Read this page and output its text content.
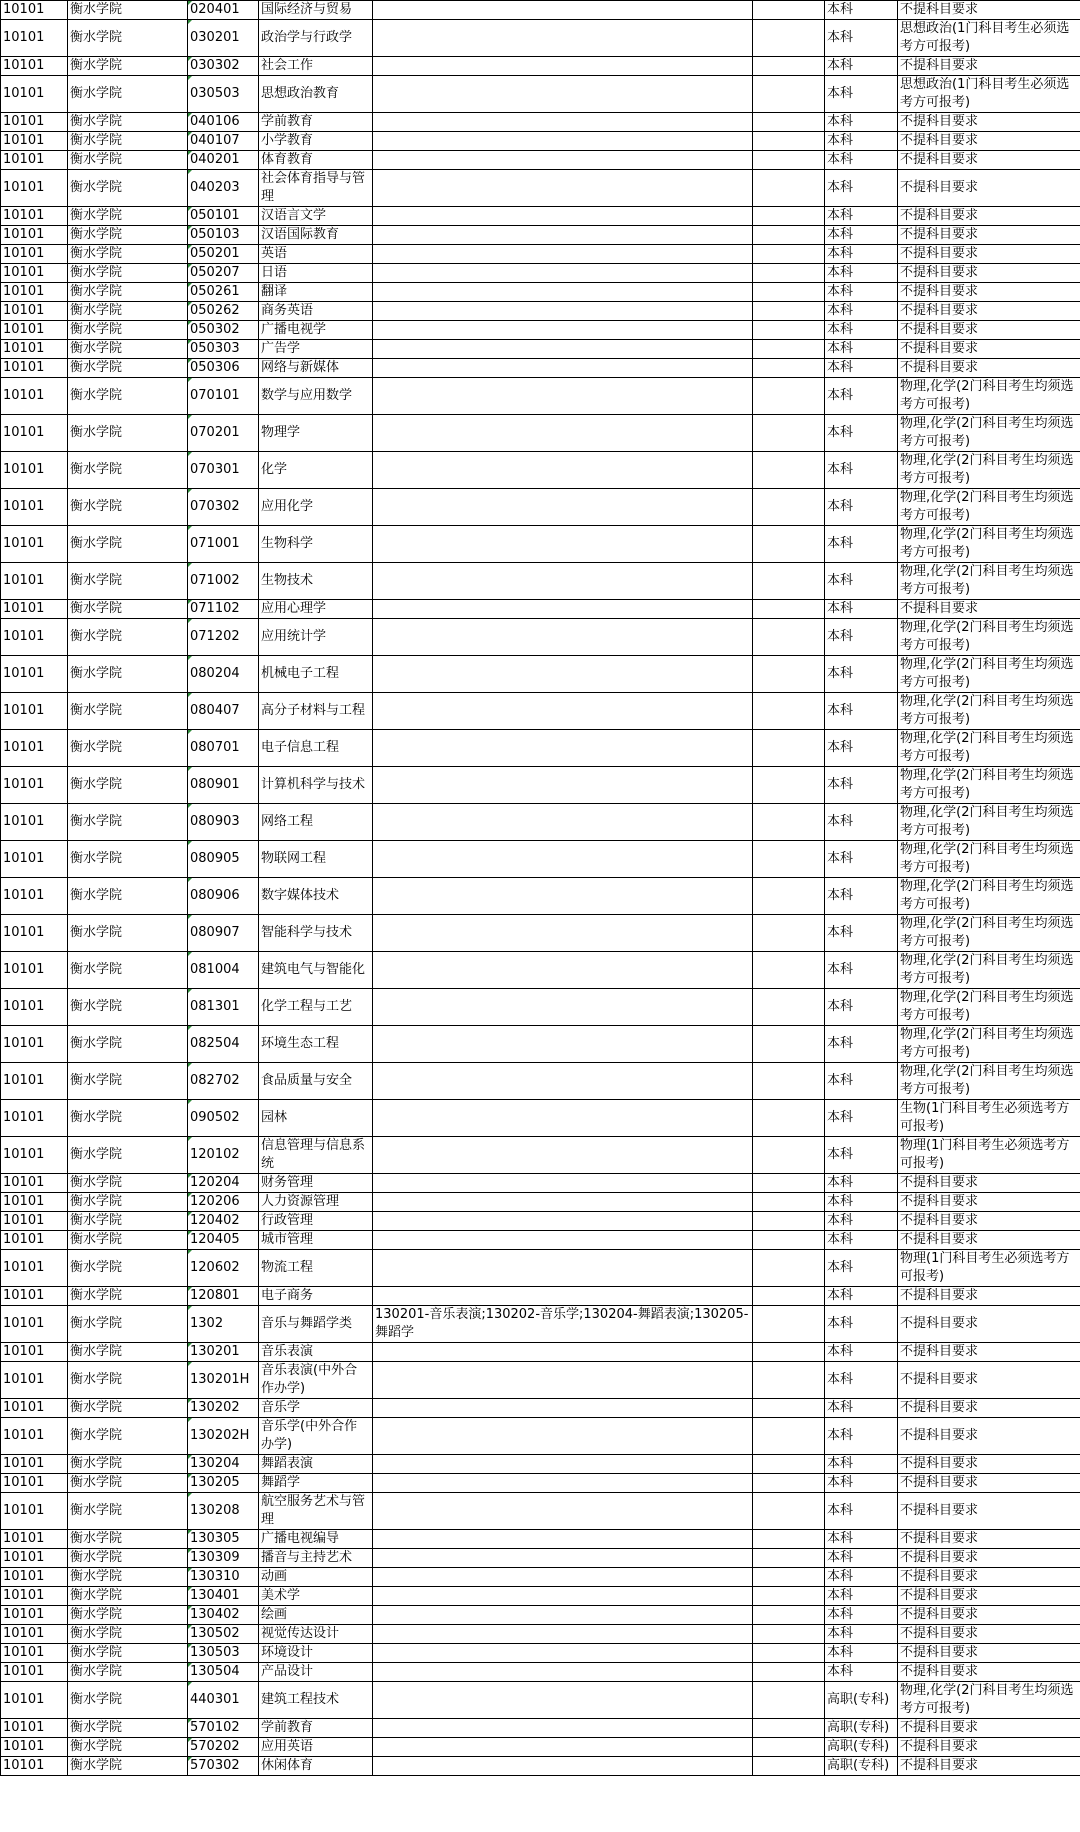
10101	衡水学院	020401	国际经济与贸易			本科	不提科目要求
10101	衡水学院	030201	政治学与行政学			本科	思想政治(1门科目考生必须选考方可报考)
10101	衡水学院	030302	社会工作			本科	不提科目要求
10101	衡水学院	030503	思想政治教育			本科	思想政治(1门科目考生必须选考方可报考)
10101	衡水学院	040106	学前教育			本科	不提科目要求
10101	衡水学院	040107	小学教育			本科	不提科目要求
10101	衡水学院	040201	体育教育			本科	不提科目要求
10101	衡水学院	040203	社会体育指导与管理			本科	不提科目要求
10101	衡水学院	050101	汉语言文学			本科	不提科目要求
10101	衡水学院	050103	汉语国际教育			本科	不提科目要求
10101	衡水学院	050201	英语			本科	不提科目要求
10101	衡水学院	050207	日语			本科	不提科目要求
10101	衡水学院	050261	翻译			本科	不提科目要求
10101	衡水学院	050262	商务英语			本科	不提科目要求
10101	衡水学院	050302	广播电视学			本科	不提科目要求
10101	衡水学院	050303	广告学			本科	不提科目要求
10101	衡水学院	050306	网络与新媒体			本科	不提科目要求
10101	衡水学院	070101	数学与应用数学			本科	物理,化学(2门科目考生均须选考方可报考)
10101	衡水学院	070201	物理学			本科	物理,化学(2门科目考生均须选考方可报考)
10101	衡水学院	070301	化学			本科	物理,化学(2门科目考生均须选考方可报考)
10101	衡水学院	070302	应用化学			本科	物理,化学(2门科目考生均须选考方可报考)
10101	衡水学院	071001	生物科学			本科	物理,化学(2门科目考生均须选考方可报考)
10101	衡水学院	071002	生物技术			本科	物理,化学(2门科目考生均须选考方可报考)
10101	衡水学院	071102	应用心理学			本科	不提科目要求
10101	衡水学院	071202	应用统计学			本科	物理,化学(2门科目考生均须选考方可报考)
10101	衡水学院	080204	机械电子工程			本科	物理,化学(2门科目考生均须选考方可报考)
10101	衡水学院	080407	高分子材料与工程			本科	物理,化学(2门科目考生均须选考方可报考)
10101	衡水学院	080701	电子信息工程			本科	物理,化学(2门科目考生均须选考方可报考)
10101	衡水学院	080901	计算机科学与技术			本科	物理,化学(2门科目考生均须选考方可报考)
10101	衡水学院	080903	网络工程			本科	物理,化学(2门科目考生均须选考方可报考)
10101	衡水学院	080905	物联网工程			本科	物理,化学(2门科目考生均须选考方可报考)
10101	衡水学院	080906	数字媒体技术			本科	物理,化学(2门科目考生均须选考方可报考)
10101	衡水学院	080907	智能科学与技术			本科	物理,化学(2门科目考生均须选考方可报考)
10101	衡水学院	081004	建筑电气与智能化			本科	物理,化学(2门科目考生均须选考方可报考)
10101	衡水学院	081301	化学工程与工艺			本科	物理,化学(2门科目考生均须选考方可报考)
10101	衡水学院	082504	环境生态工程			本科	物理,化学(2门科目考生均须选考方可报考)
10101	衡水学院	082702	食品质量与安全			本科	物理,化学(2门科目考生均须选考方可报考)
10101	衡水学院	090502	园林			本科	生物(1门科目考生必须选考方可报考)
10101	衡水学院	120102	信息管理与信息系统			本科	物理(1门科目考生必须选考方可报考)
10101	衡水学院	120204	财务管理			本科	不提科目要求
10101	衡水学院	120206	人力资源管理			本科	不提科目要求
10101	衡水学院	120402	行政管理			本科	不提科目要求
10101	衡水学院	120405	城市管理			本科	不提科目要求
10101	衡水学院	120602	物流工程			本科	物理(1门科目考生必须选考方可报考)
10101	衡水学院	120801	电子商务			本科	不提科目要求
10101	衡水学院	1302	音乐与舞蹈学类	130201-音乐表演;130202-音乐学;130204-舞蹈表演;130205-舞蹈学		本科	不提科目要求
10101	衡水学院	130201	音乐表演			本科	不提科目要求
10101	衡水学院	130201H	音乐表演(中外合作办学)			本科	不提科目要求
10101	衡水学院	130202	音乐学			本科	不提科目要求
10101	衡水学院	130202H	音乐学(中外合作办学)			本科	不提科目要求
10101	衡水学院	130204	舞蹈表演			本科	不提科目要求
10101	衡水学院	130205	舞蹈学			本科	不提科目要求
10101	衡水学院	130208	航空服务艺术与管理			本科	不提科目要求
10101	衡水学院	130305	广播电视编导			本科	不提科目要求
10101	衡水学院	130309	播音与主持艺术			本科	不提科目要求
10101	衡水学院	130310	动画			本科	不提科目要求
10101	衡水学院	130401	美术学			本科	不提科目要求
10101	衡水学院	130402	绘画			本科	不提科目要求
10101	衡水学院	130502	视觉传达设计			本科	不提科目要求
10101	衡水学院	130503	环境设计			本科	不提科目要求
10101	衡水学院	130504	产品设计			本科	不提科目要求
10101	衡水学院	440301	建筑工程技术			高职(专科)	物理,化学(2门科目考生均须选考方可报考)
10101	衡水学院	570102	学前教育			高职(专科)	不提科目要求
10101	衡水学院	570202	应用英语			高职(专科)	不提科目要求
10101	衡水学院	570302	休闲体育			高职(专科)	不提科目要求
